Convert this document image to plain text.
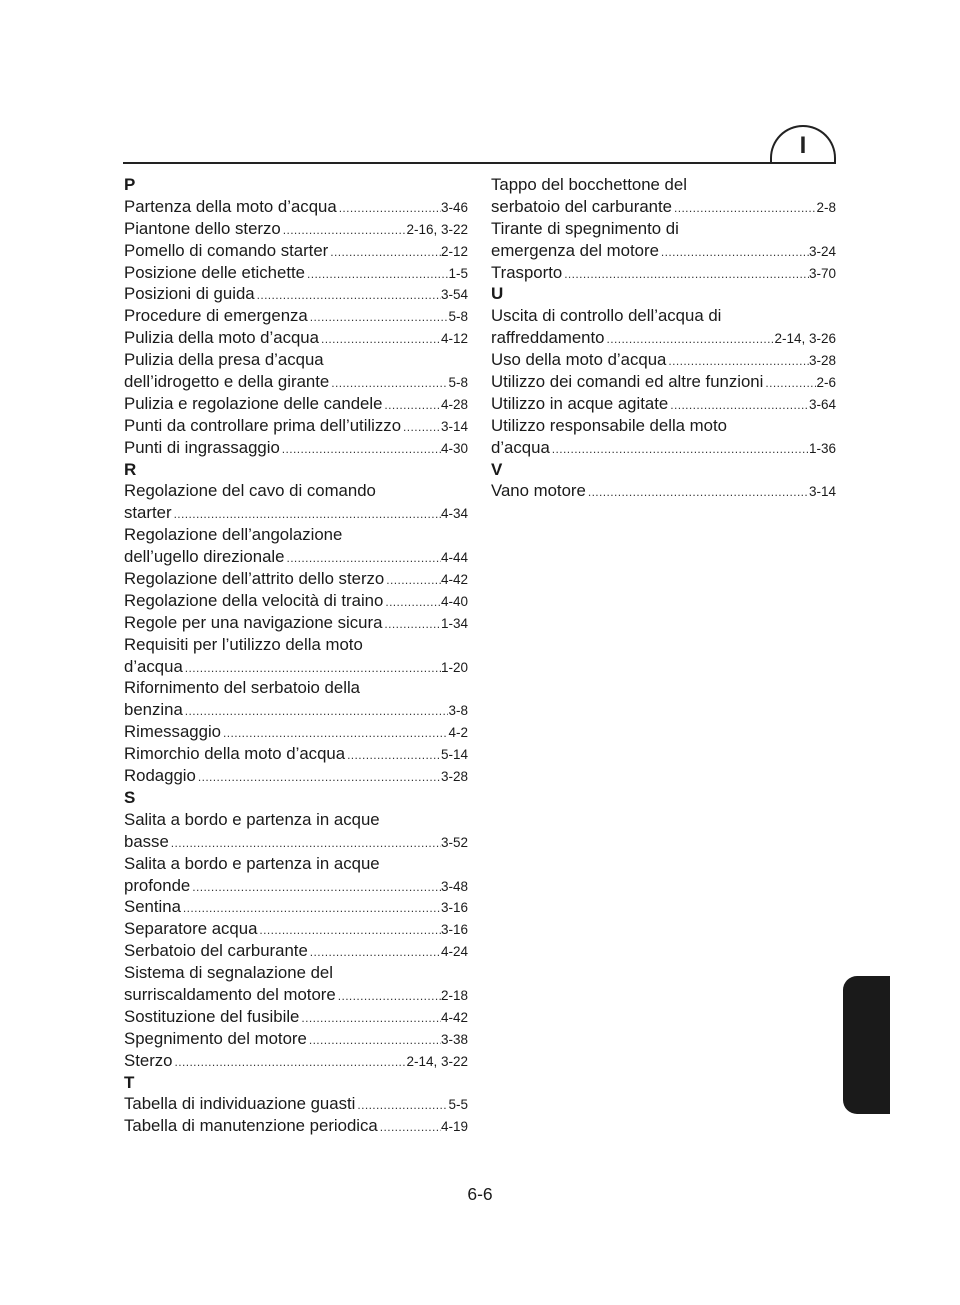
I
P
Partenza della moto d’acqua .....	3-46
Piantone dello sterzo .....	2-16, 3-22
Pomello di comando starter .....	2-12
Posizione delle etichette .....	1-5
Posizioni di guida .....	3-54
Procedure di emergenza .....	5-8
Pulizia della moto d’acqua .....	4-12
Pulizia della presa d’acqua
dell’idrogetto e della girante .....	5-8
Pulizia e regolazione delle candele .....	4-28
Punti da controllare prima dell’utilizzo .....	3-14
Punti di ingrassaggio .....	4-30
R
Regolazione del cavo di comando
starter .....	4-34
Regolazione dell’angolazione
dell’ugello direzionale .....	4-44
Regolazione dell’attrito dello sterzo .....	4-42
Regolazione della velocità di traino .....	4-40
Regole per una navigazione sicura .....	1-34
Requisiti per l’utilizzo della moto
d’acqua .....	1-20
Rifornimento del serbatoio della
benzina .....	3-8
Rimessaggio .....	4-2
Rimorchio della moto d’acqua .....	5-14
Rodaggio .....	3-28
S
Salita a bordo e partenza in acque
basse .....	3-52
Salita a bordo e partenza in acque
profonde .....	3-48
Sentina .....	3-16
Separatore acqua .....	3-16
Serbatoio del carburante .....	4-24
Sistema di segnalazione del
surriscaldamento del motore .....	2-18
Sostituzione del fusibile .....	4-42
Spegnimento del motore .....	3-38
Sterzo .....	2-14, 3-22
T
Tabella di individuazione guasti .....	5-5
Tabella di manutenzione periodica .....	4-19
Tappo del bocchettone del
serbatoio del carburante .....	2-8
Tirante di spegnimento di
emergenza del motore .....	3-24
Trasporto .....	3-70
U
Uscita di controllo dell’acqua di
raffreddamento .....	2-14, 3-26
Uso della moto d’acqua .....	3-28
Utilizzo dei comandi ed altre funzioni .....	2-6
Utilizzo in acque agitate .....	3-64
Utilizzo responsabile della moto
d’acqua .....	1-36
V
Vano motore .....	3-14
6-6
